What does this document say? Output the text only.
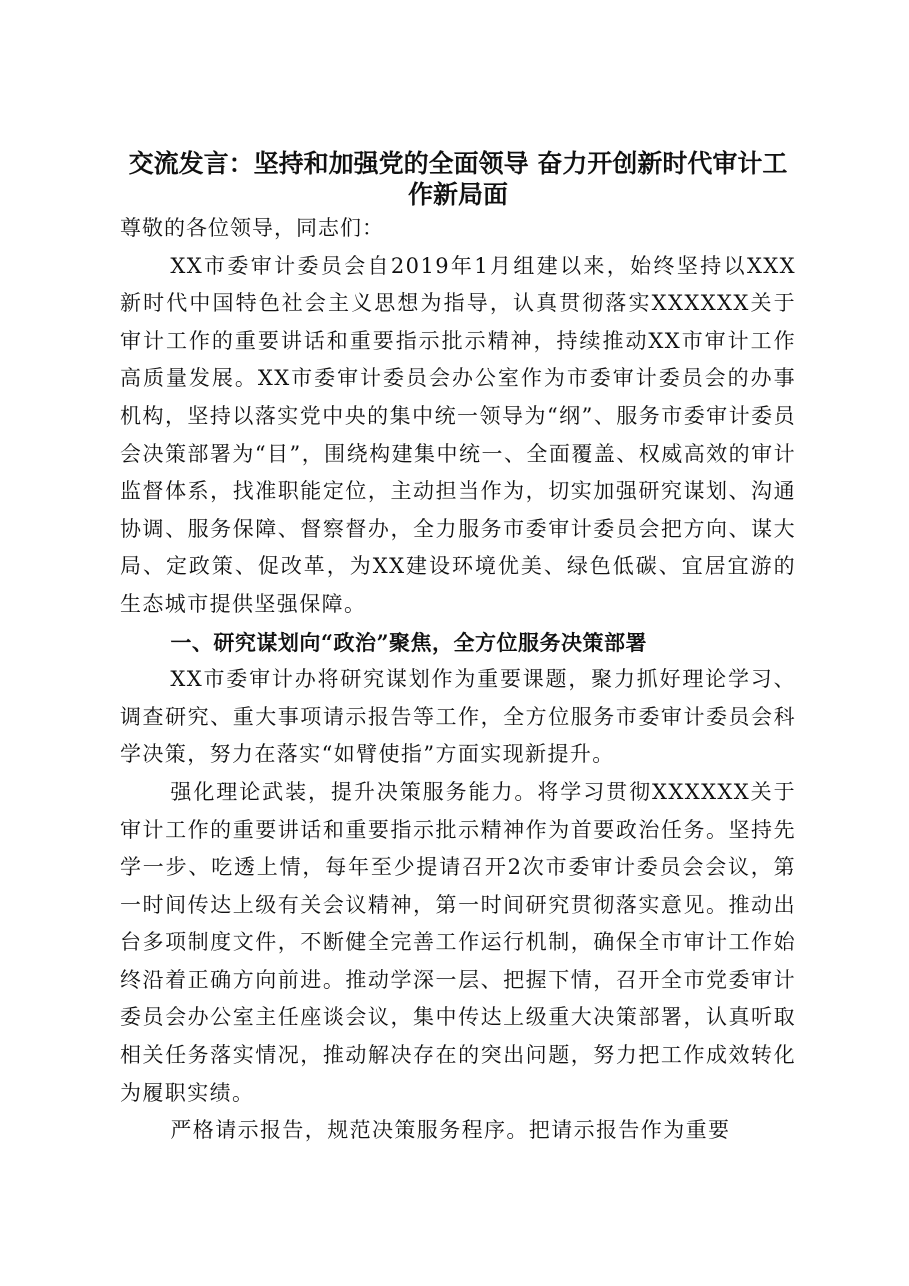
交流发言：坚持和加强党的全面领导 奋力开创新时代审计工作新局面

尊敬的各位领导，同志们：

XX市委审计委员会自2019年1月组建以来，始终坚持以XXX新时代中国特色社会主义思想为指导，认真贯彻落实XXXXXX关于审计工作的重要讲话和重要指示批示精神，持续推动XX市审计工作高质量发展。XX市委审计委员会办公室作为市委审计委员会的办事机构，坚持以落实党中央的集中统一领导为“纲”、服务市委审计委员会决策部署为“目”，围绕构建集中统一、全面覆盖、权威高效的审计监督体系，找准职能定位，主动担当作为，切实加强研究谋划、沟通协调、服务保障、督察督办，全力服务市委审计委员会把方向、谋大局、定政策、促改革，为XX建设环境优美、绿色低碳、宜居宜游的生态城市提供坚强保障。

一、研究谋划向“政治”聚焦，全方位服务决策部署

XX市委审计办将研究谋划作为重要课题，聚力抓好理论学习、调查研究、重大事项请示报告等工作，全方位服务市委审计委员会科学决策，努力在落实“如臂使指”方面实现新提升。

强化理论武装，提升决策服务能力。将学习贯彻XXXXXX关于审计工作的重要讲话和重要指示批示精神作为首要政治任务。坚持先学一步、吃透上情，每年至少提请召开2次市委审计委员会会议，第一时间传达上级有关会议精神，第一时间研究贯彻落实意见。推动出台多项制度文件，不断健全完善工作运行机制，确保全市审计工作始终沿着正确方向前进。推动学深一层、把握下情，召开全市党委审计委员会办公室主任座谈会议，集中传达上级重大决策部署，认真听取相关任务落实情况，推动解决存在的突出问题，努力把工作成效转化为履职实绩。

严格请示报告，规范决策服务程序。把请示报告作为重要
